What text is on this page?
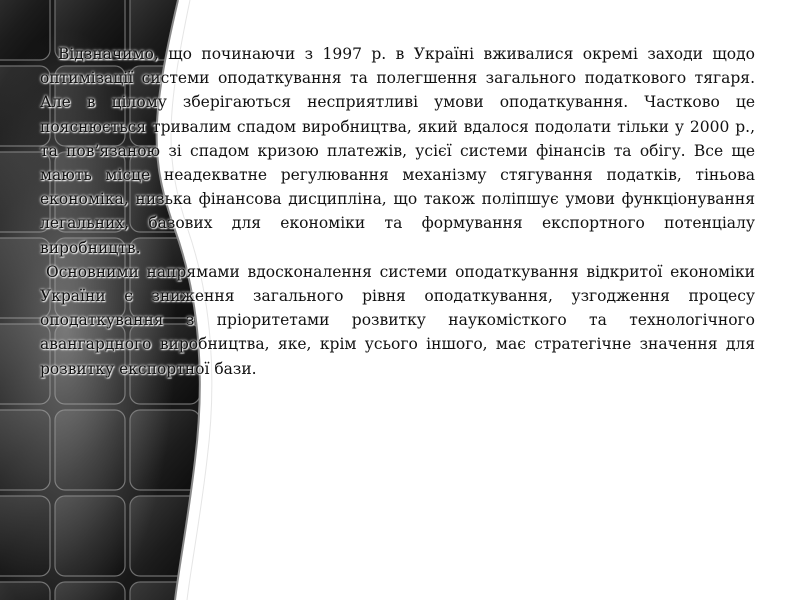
Відзначимо, що починаючи з 1997 р. в Україні вживалися окремі заходи щодо оптимізації системи оподаткування та полегшення загального податкового тягаря. Але в цілому зберігаються несприятливі умови оподаткування. Частково це пояснюється тривалим спадом виробництва, який вдалося подолати тільки у 2000 р., та пов’язаною зі спадом кризою платежів, усієї системи фінансів та обігу. Все ще мають місце неадекватне регулювання механізму стягування податків, тіньова економіка, низька фінансова дисципліна, що також поліпшує умови функціонування легальних, базових для економіки та формування експортного потенціалу виробництв.

Основними напрямами вдосконалення системи оподаткування відкритої економіки України є зниження загального рівня оподаткування, узгодження процесу оподаткування з пріоритетами розвитку наукомісткого та технологічного авангардного виробництва, яке, крім усього іншого, має стратегічне значення для розвитку експортної бази.
